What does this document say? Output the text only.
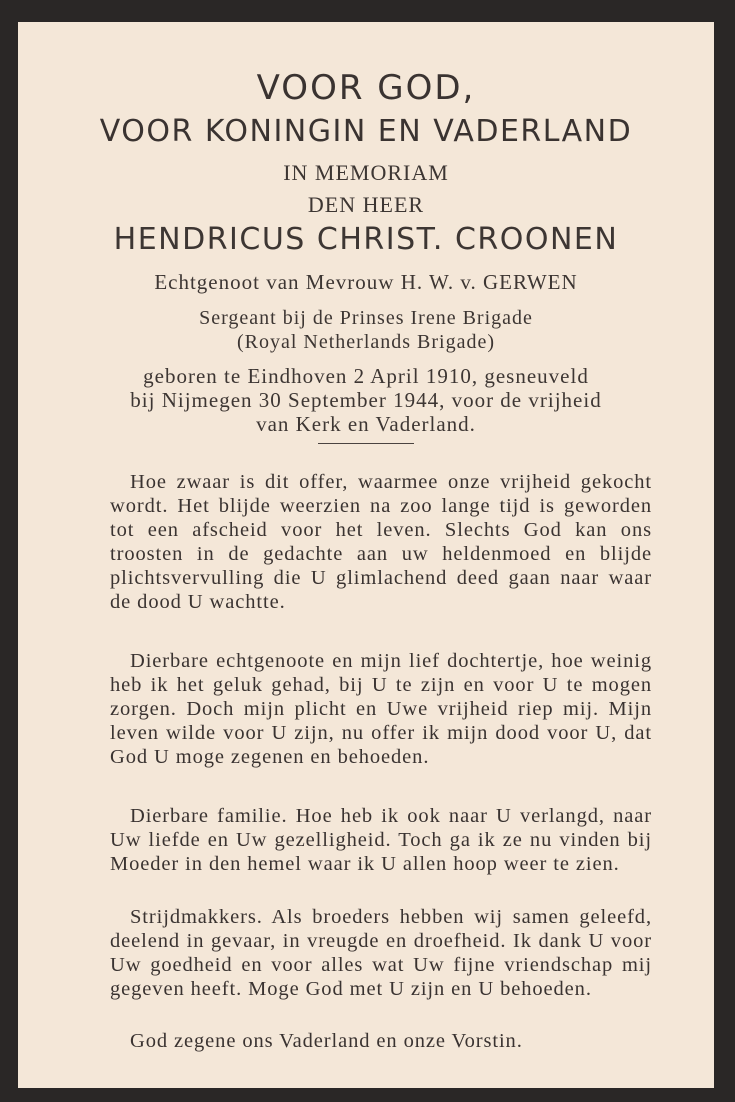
VOOR GOD,
VOOR KONINGIN EN VADERLAND
IN MEMORIAM
DEN HEER
HENDRICUS CHRIST. CROONEN
Echtgenoot van Mevrouw H. W. v. GERWEN
Sergeant bij de Prinses Irene Brigade
(Royal Netherlands Brigade)
geboren te Eindhoven 2 April 1910, gesneuveld
bij Nijmegen 30 September 1944, voor de vrijheid
van Kerk en Vaderland.

Hoe zwaar is dit offer, waarmee onze vrijheid gekocht wordt. Het blijde weerzien na zoo lange tijd is geworden tot een afscheid voor het leven. Slechts God kan ons troosten in de gedachte aan uw heldenmoed en blijde plichtsvervulling die U glimlachend deed gaan naar waar de dood U wachtte.

Dierbare echtgenoote en mijn lief dochtertje, hoe weinig heb ik het geluk gehad, bij U te zijn en voor U te mogen zorgen. Doch mijn plicht en Uwe vrijheid riep mij. Mijn leven wilde voor U zijn, nu offer ik mijn dood voor U, dat God U moge zegenen en behoeden.

Dierbare familie. Hoe heb ik ook naar U verlangd, naar Uw liefde en Uw gezelligheid. Toch ga ik ze nu vinden bij Moeder in den hemel waar ik U allen hoop weer te zien.

Strijdmakkers. Als broeders hebben wij samen geleefd, deelend in gevaar, in vreugde en droefheid. Ik dank U voor Uw goedheid en voor alles wat Uw fijne vriendschap mij gegeven heeft. Moge God met U zijn en U behoeden.

God zegene ons Vaderland en onze Vorstin.
